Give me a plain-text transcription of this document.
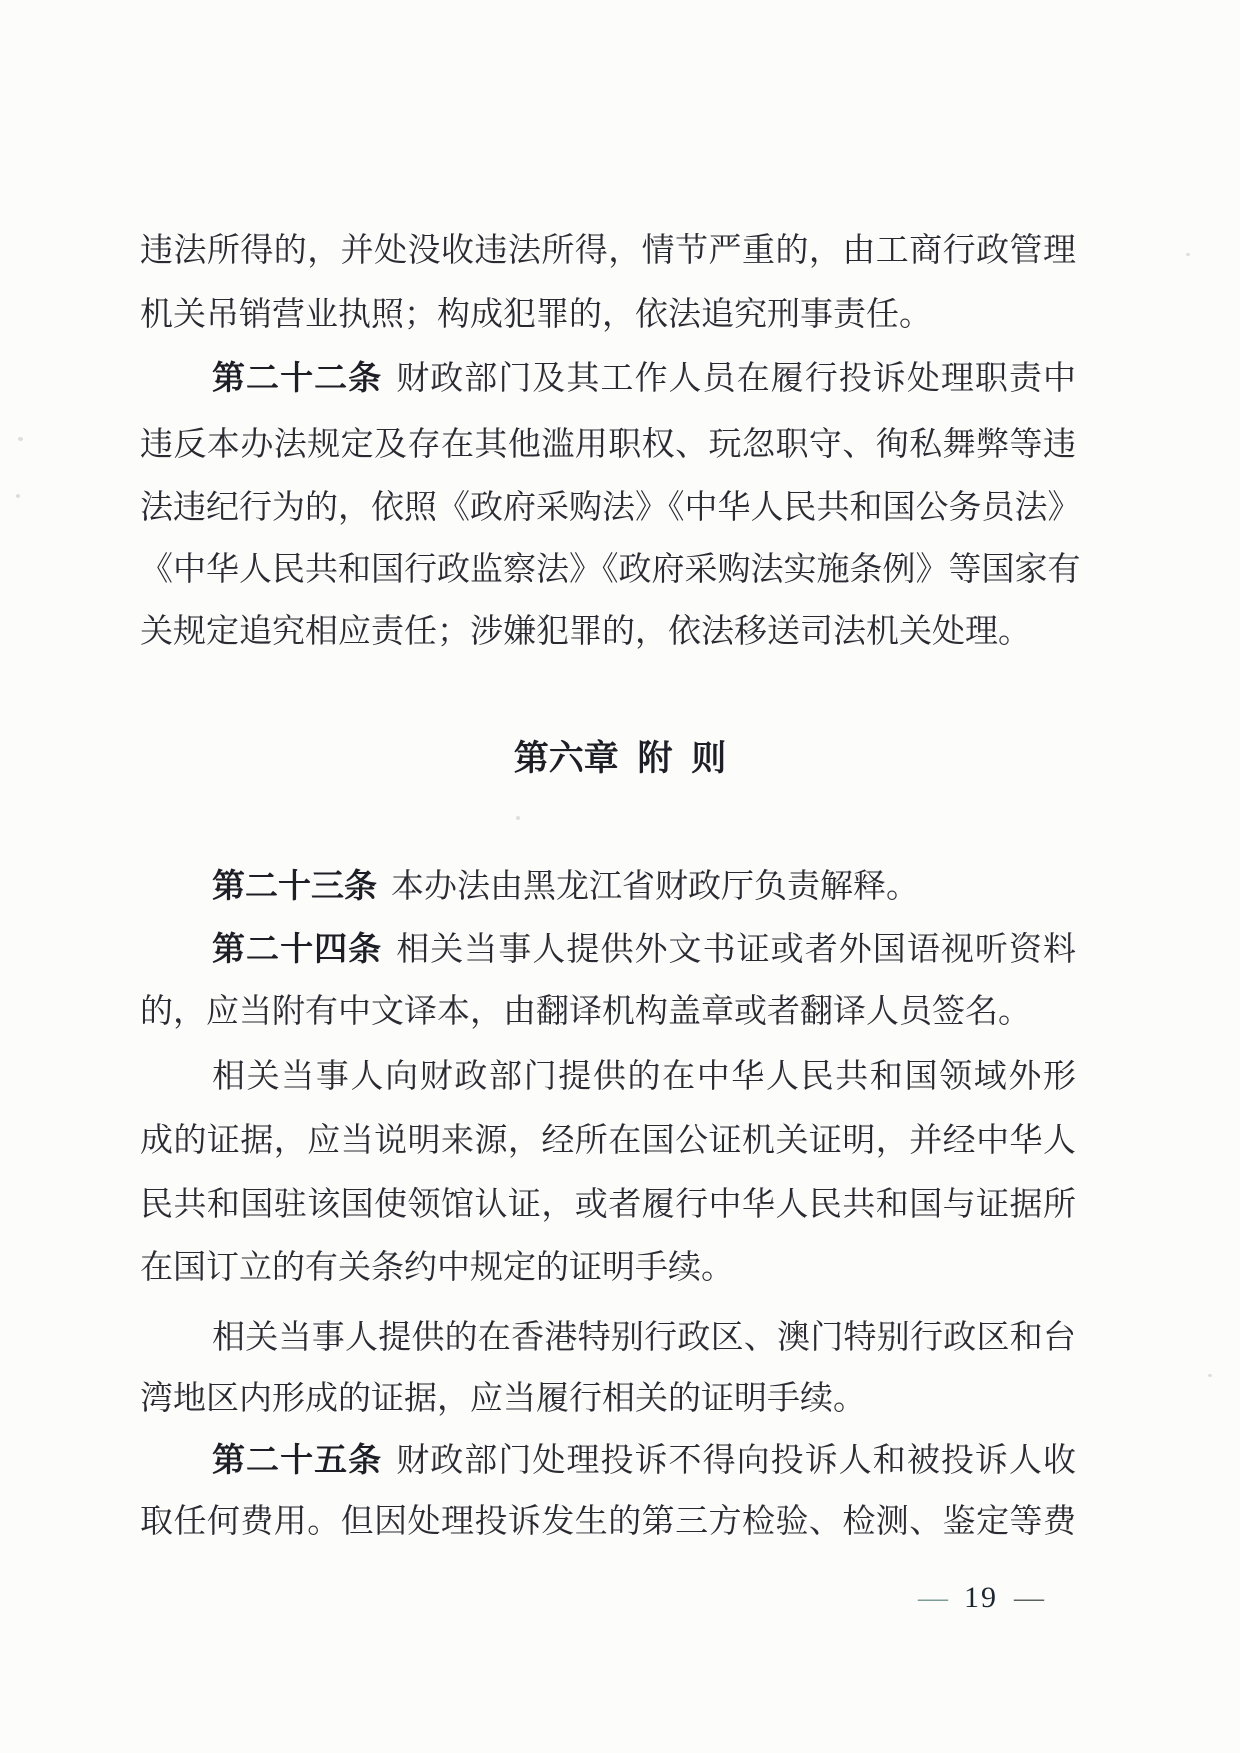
违法所得的，并处没收违法所得，情节严重的，由工商行政管理
机关吊销营业执照；构成犯罪的，依法追究刑事责任。
第二十二条 财政部门及其工作人员在履行投诉处理职责中
违反本办法规定及存在其他滥用职权、玩忽职守、徇私舞弊等违
法违纪行为的，依照《政府采购法》《中华人民共和国公务员法》
《中华人民共和国行政监察法》《政府采购法实施条例》等国家有
关规定追究相应责任；涉嫌犯罪的，依法移送司法机关处理。
第六章 附 则
第二十三条 本办法由黑龙江省财政厅负责解释。
第二十四条 相关当事人提供外文书证或者外国语视听资料
的，应当附有中文译本，由翻译机构盖章或者翻译人员签名。
相关当事人向财政部门提供的在中华人民共和国领域外形
成的证据，应当说明来源，经所在国公证机关证明，并经中华人
民共和国驻该国使领馆认证，或者履行中华人民共和国与证据所
在国订立的有关条约中规定的证明手续。
相关当事人提供的在香港特别行政区、澳门特别行政区和台
湾地区内形成的证据，应当履行相关的证明手续。
第二十五条 财政部门处理投诉不得向投诉人和被投诉人收
取任何费用。但因处理投诉发生的第三方检验、检测、鉴定等费
— 19 —
